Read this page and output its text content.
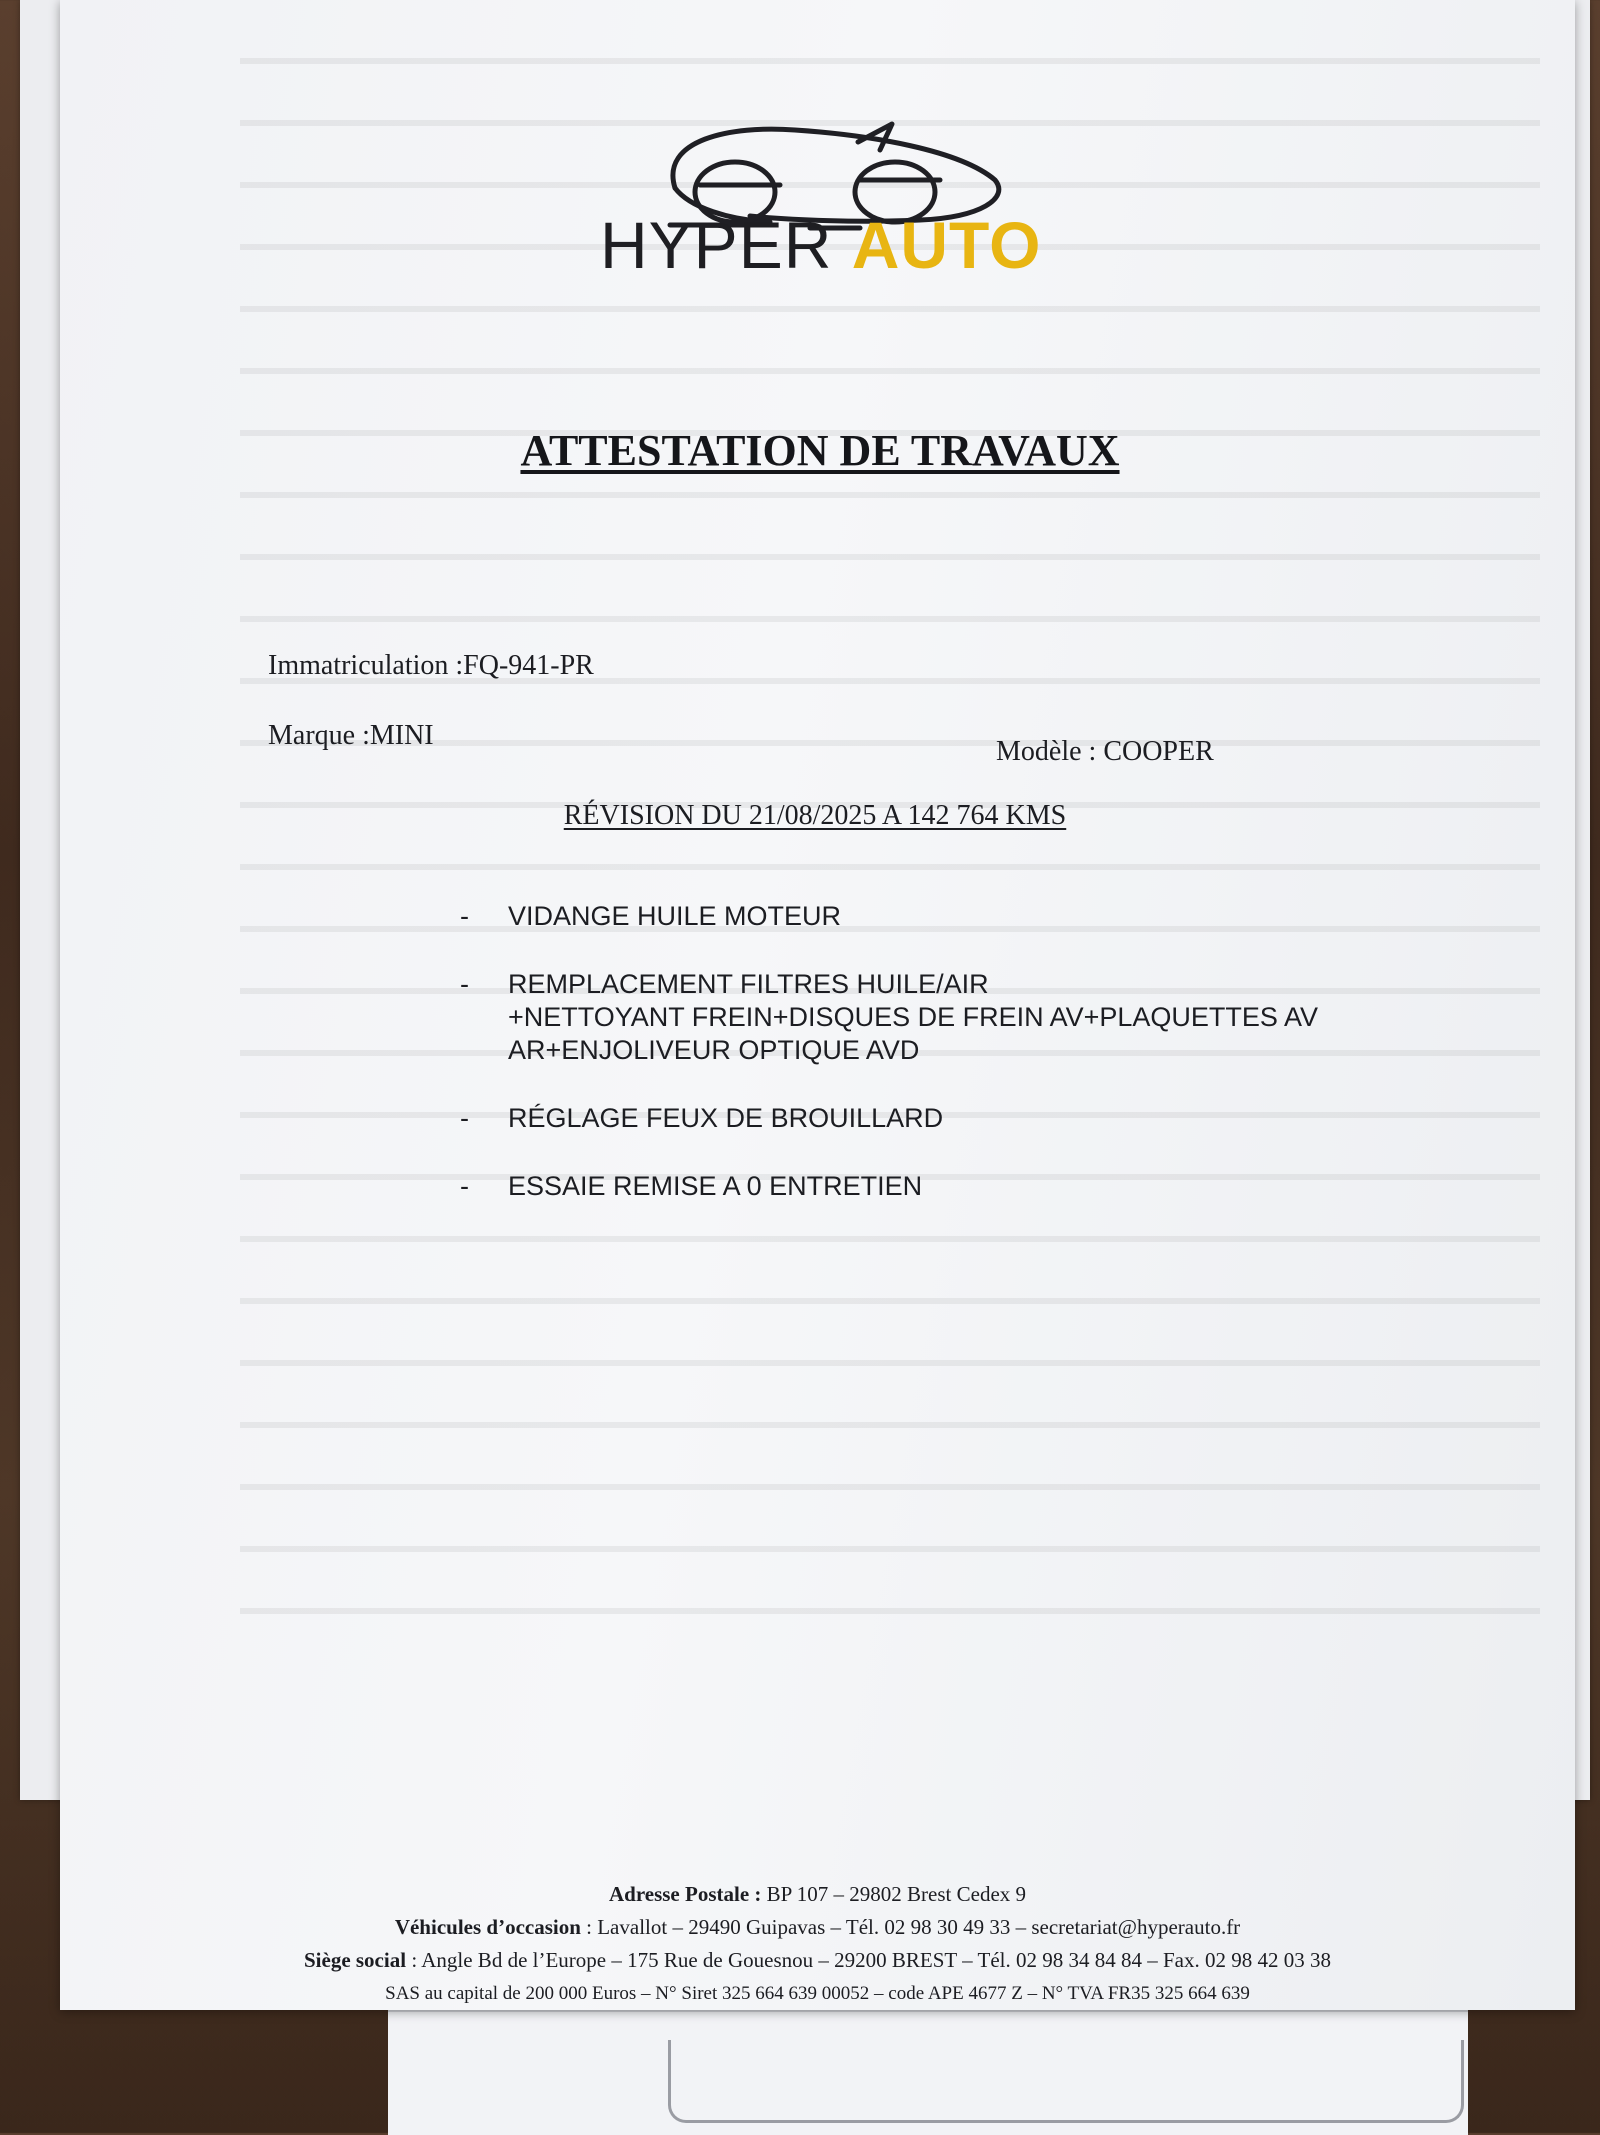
HYPER AUTO
ATTESTATION DE TRAVAUX
Immatriculation :FQ-941-PR
Marque :MINI
Modèle : COOPER
RÉVISION DU 21/08/2025 A 142 764 KMS
- VIDANGE HUILE MOTEUR
- REMPLACEMENT FILTRES HUILE/AIR
+NETTOYANT FREIN+DISQUES DE FREIN AV+PLAQUETTES AV
AR+ENJOLIVEUR OPTIQUE AVD
- RÉGLAGE FEUX DE BROUILLARD
- ESSAIE REMISE A 0 ENTRETIEN
Adresse Postale : BP 107 – 29802 Brest Cedex 9
Véhicules d’occasion : Lavallot – 29490 Guipavas – Tél. 02 98 30 49 33 – secretariat@hyperauto.fr
Siège social : Angle Bd de l’Europe – 175 Rue de Gouesnou – 29200 BREST – Tél. 02 98 34 84 84 – Fax. 02 98 42 03 38
SAS au capital de 200 000 Euros – N° Siret 325 664 639 00052 – code APE 4677 Z – N° TVA FR35 325 664 639
